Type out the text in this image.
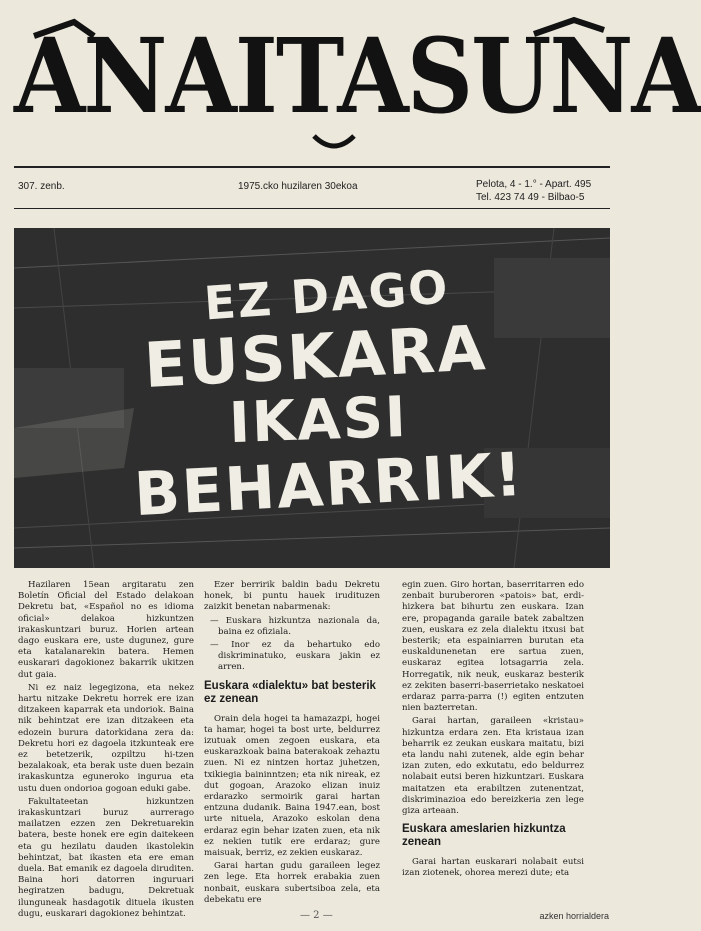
ANAITASUNA
307. zenb.	1975.cko huzilaren 30ekoa	Pelota, 4 - 1.° - Apart. 495
Tel. 423 74 49 - Bilbao-5
EZ DAGO
EUSKARA
IKASI
BEHARRIK!

Hazilaren 15ean argitaratu zen Boletín Oficial del Estado delakoan Dekretu bat, «Español no es idioma oficial» delakoa hizkuntzen irakaskuntzari buruz. Horien artean dago euskara ere, uste dugunez, gure eta katalanarekin batera. Hemen euskarari dagokionez bakarrik ukitzen dut gaia.

Ni ez naiz legegizona, eta nekez hartu nitzake Dekretu horrek ere izan ditzakeen kaparrak eta undoriok. Baina nik behintzat ere izan ditzakeen eta edozein burura datorkidana zera da: Dekretu hori ez dagoela itzkunteak ere ez betetzerik, ozpiltzu hi-tzen bezalakoak, eta berak uste duen bezain irakaskuntza eguneroko ingurua eta ustu duen ondorioa gogoan eduki gabe.

Fakultateetan hizkuntzen irakaskuntzari buruz aurrerago mailatzen ezzen zen Dekretuarekin batera, beste honek ere egin daitekeen eta gu hezilatu dauden ikastolekin behintzat, bat ikasten eta ere eman duela. Bat emanik ez dagoela diruditen. Baina hori datorren inguruari hegiratzen badugu, Dekretuak ilunguneak hasdagotik dituela ikusten dugu, euskarari dagokionez behintzat.

Ezer berririk baldin badu Dekretu honek, bi puntu hauek irudituzen zaizkit benetan nabarmenak:

— Euskara hizkuntza nazionala da, baina ez ofiziala.
— Inor ez da behartuko edo diskriminatuko, euskara jakin ez arren.
Euskara «dialektu» bat besterik ez zenean

Orain dela hogei ta hamazazpi, hogei ta hamar, hogei ta bost urte, beldurrez izutuak omen zegoen euskara, eta euskarazkoak baina baterakoak zehaztu zuen. Ni ez nintzen hortaz juhetzen, txikiegia baininntzen; eta nik nireak, ez dut gogoan, Arazoko elizan inuiz erdarazko sermoirik garai hartan entzuna dudanik. Baina 1947.ean, bost urte nituela, Arazoko eskolan dena erdaraz egin behar izaten zuen, eta nik ez nekien tutik ere erdaraz; gure maisuak, berriz, ez zekien euskaraz.

Garai hartan gudu garaileen legez zen lege. Eta horrek erabakia zuen nonbait, euskara subertsiboa zela, eta debekatu ere

egin zuen. Giro hortan, baserritarren edo zenbait buruberoren «patois» bat, erdi-hizkera bat bihurtu zen euskara. Izan ere, propaganda garaile batek zabaltzen zuen, euskara ez zela dialektu itxusi bat besterik; eta espainiarren burutan eta euskaldunenetan ere sartua zuen, euskaraz egiteа lotsagarria zela. Horregatik, nik neuk, euskaraz besterik ez zekiten baserri-baserrietako neskatoei erdaraz parra-parra (!) egiten entzuten nien bazterretan.

Garai hartan, garaileen «kristau» hizkuntza erdara zen. Eta kristaua izan beharrik ez zeukan euskara maitatu, bizi eta landu nahi zutenek, alde egin behar izan zuten, edo exkutatu, edo beldurrez nolabait eutsi beren hizkuntzari. Euskara maitatzen eta erabiltzen zutenentzat, diskriminazioa edo bereizkeria zen lege giza arteaan.

Euskara ameslarien hizkuntza zenean

Garai hartan euskarari nolabait eutsi izan ziotenek, ohorea merezi dute; eta

— 2 —	azken horrialdera
